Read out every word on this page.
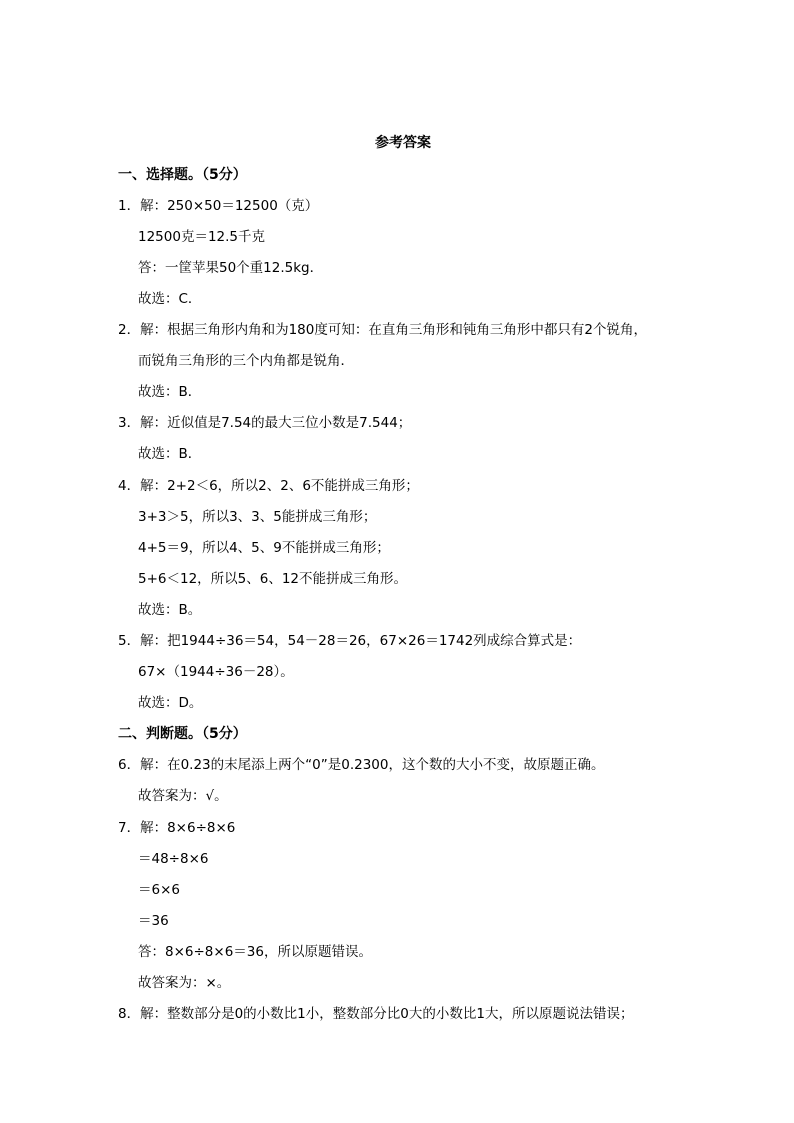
参考答案
一、选择题。（5分）
1．解：250×50＝12500（克）
12500克＝12.5千克
答：一筐苹果50个重12.5kg．
故选：C．
2．解：根据三角形内角和为180度可知：在直角三角形和钝角三角形中都只有2个锐角，
而锐角三角形的三个内角都是锐角．
故选：B．
3．解：近似值是7.54的最大三位小数是7.544；
故选：B．
4．解：2+2＜6，所以2、2、6不能拼成三角形；
3+3＞5，所以3、3、5能拼成三角形；
4+5＝9，所以4、5、9不能拼成三角形；
5+6＜12，所以5、6、12不能拼成三角形。
故选：B。
5．解：把1944÷36＝54，54－28＝26，67×26＝1742列成综合算式是：
67×（1944÷36－28）。
故选：D。
二、判断题。（5分）
6．解：在0.23的末尾添上两个“0”是0.2300，这个数的大小不变，故原题正确。
故答案为：√。
7．解：8×6÷8×6
＝48÷8×6
＝6×6
＝36
答：8×6÷8×6＝36，所以原题错误。
故答案为：×。
8．解：整数部分是0的小数比1小，整数部分比0大的小数比1大，所以原题说法错误；
